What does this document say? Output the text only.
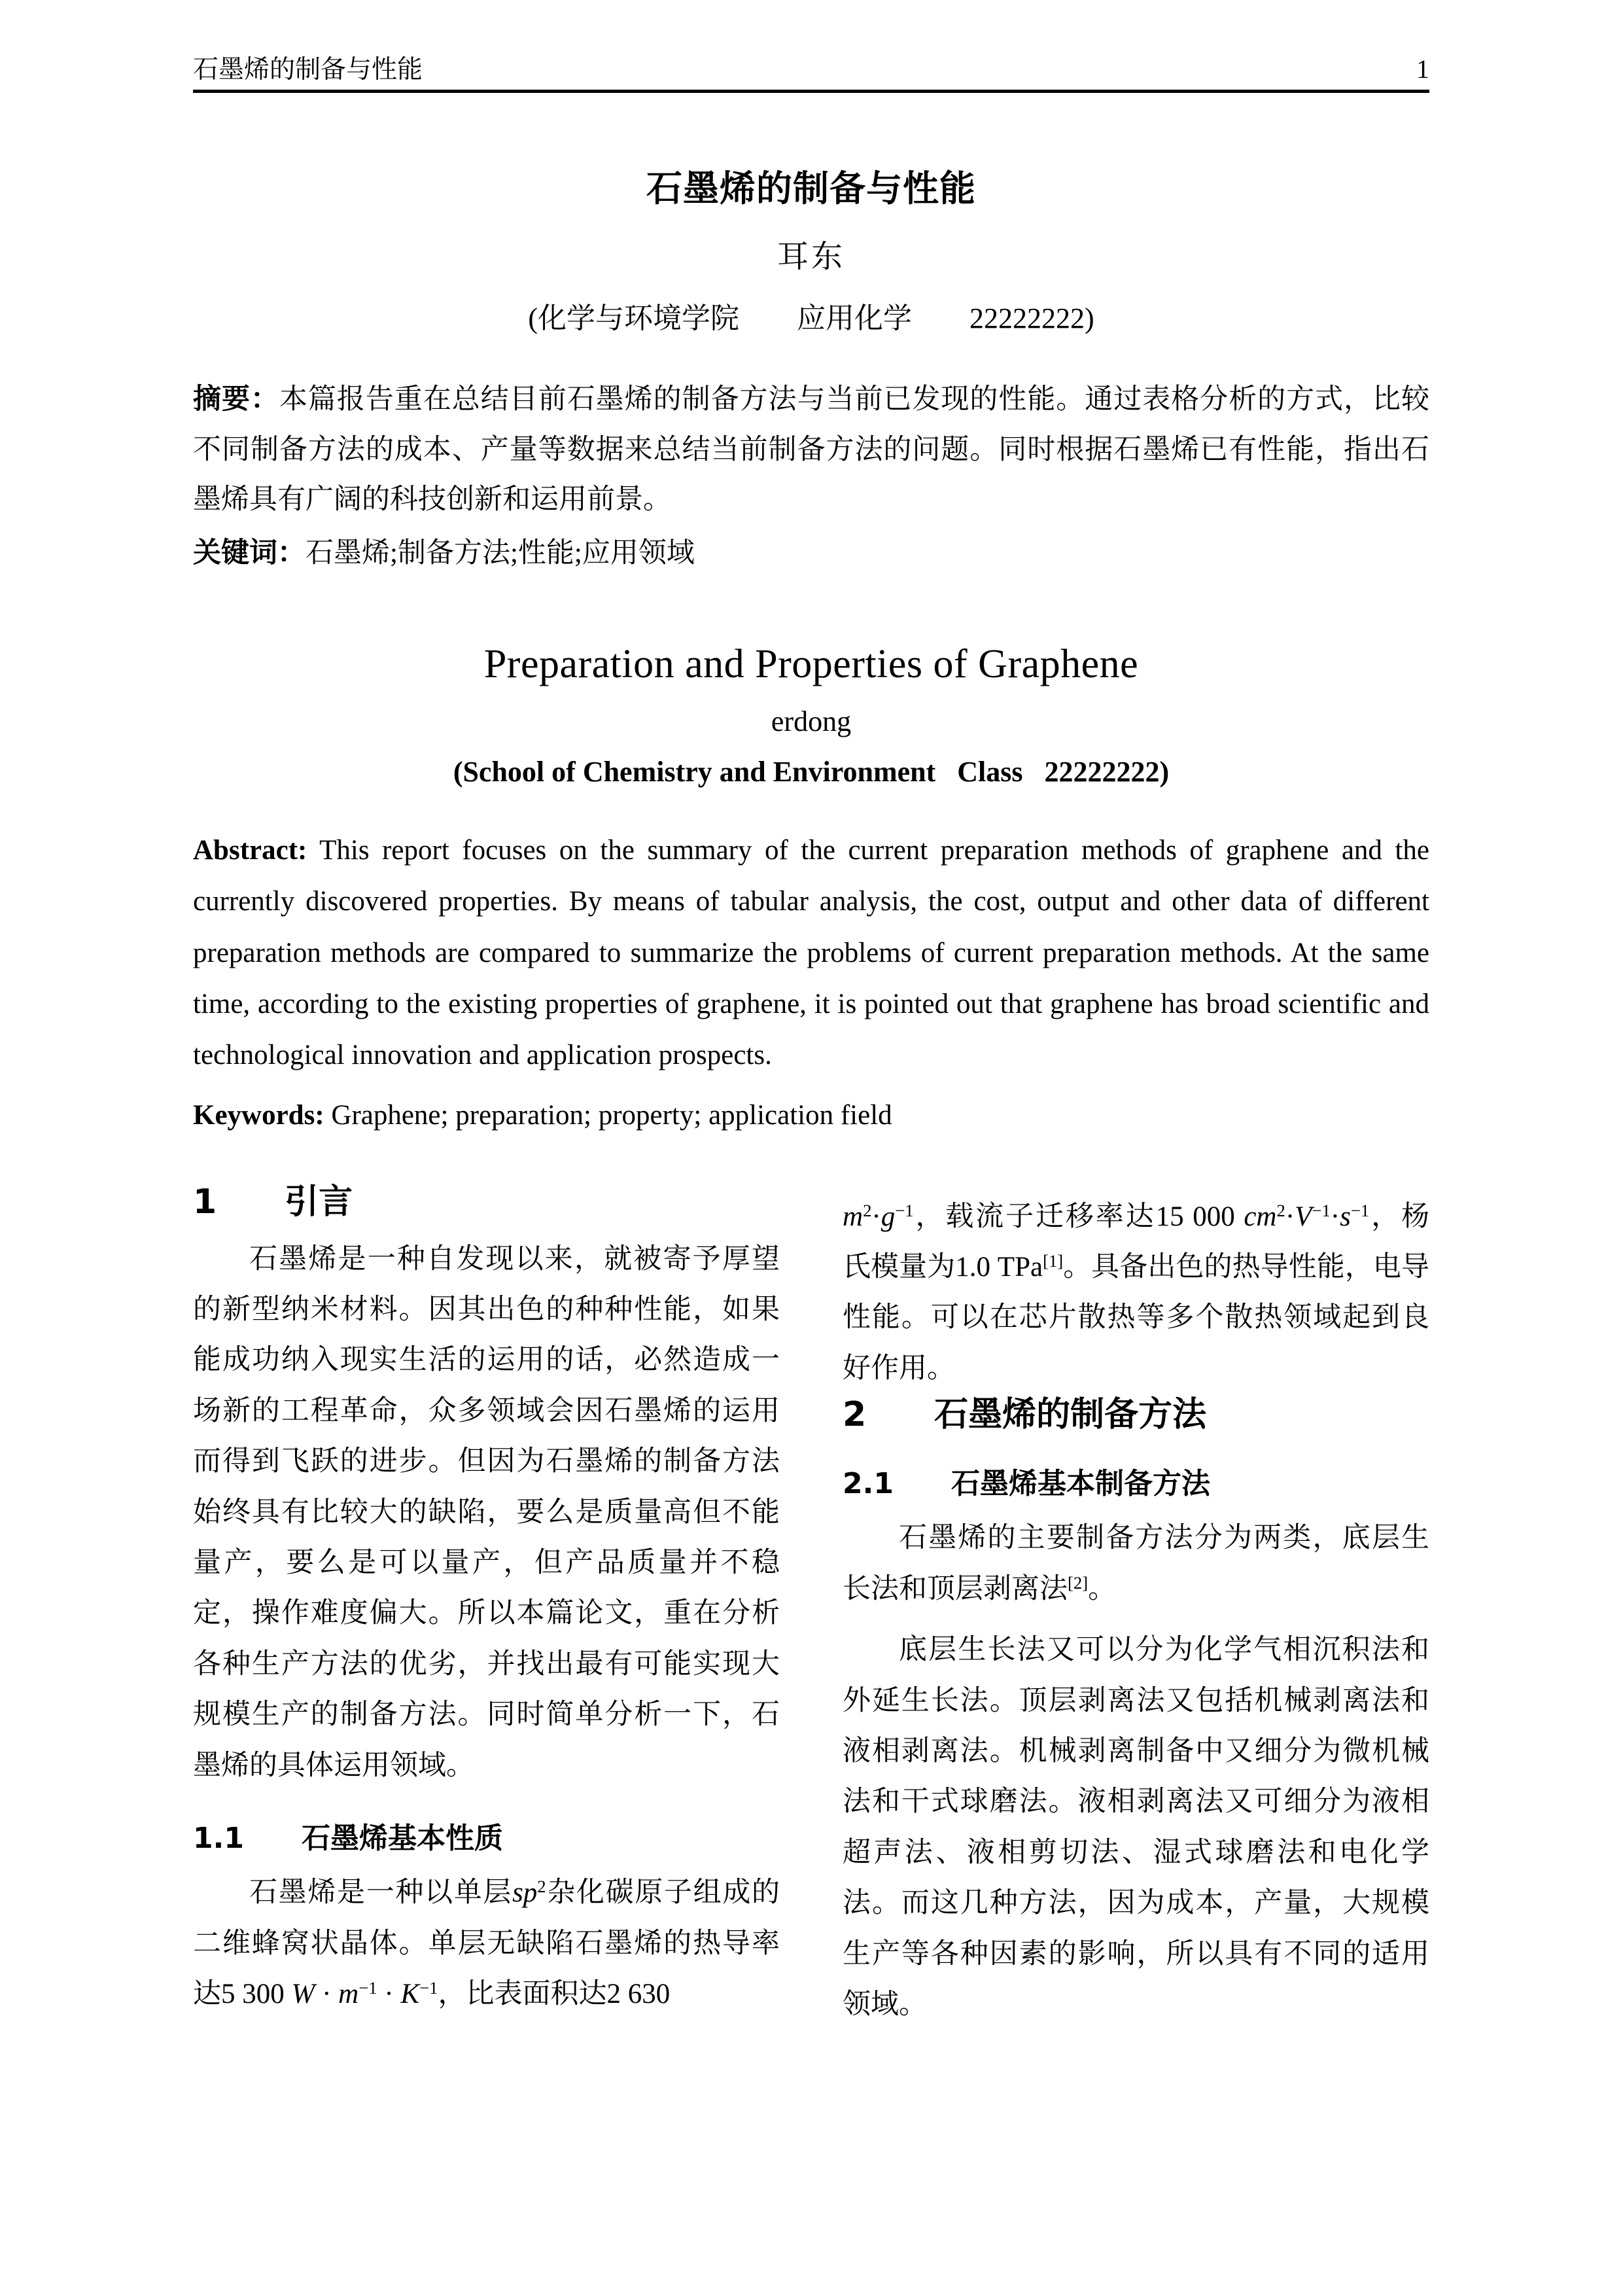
石墨烯的制备与性能	1
石墨烯的制备与性能
耳东
(化学与环境学院　　应用化学　　22222222)
摘要：本篇报告重在总结目前石墨烯的制备方法与当前已发现的性能。通过表格分析的方式，比较不同制备方法的成本、产量等数据来总结当前制备方法的问题。同时根据石墨烯已有性能，指出石墨烯具有广阔的科技创新和运用前景。
关键词：石墨烯;制备方法;性能;应用领域
Preparation and Properties of Graphene
erdong
(School of Chemistry and Environment   Class   22222222)
Abstract: This report focuses on the summary of the current preparation methods of graphene and the currently discovered properties. By means of tabular analysis, the cost, output and other data of different preparation methods are compared to summarize the problems of current preparation methods. At the same time, according to the existing properties of graphene, it is pointed out that graphene has broad scientific and technological innovation and application prospects.
Keywords: Graphene; preparation; property; application field
1　　引言

石墨烯是一种自发现以来，就被寄予厚望的新型纳米材料。因其出色的种种性能，如果能成功纳入现实生活的运用的话，必然造成一场新的工程革命，众多领域会因石墨烯的运用而得到飞跃的进步。但因为石墨烯的制备方法始终具有比较大的缺陷，要么是质量高但不能量产，要么是可以量产，但产品质量并不稳定，操作难度偏大。所以本篇论文，重在分析各种生产方法的优劣，并找出最有可能实现大规模生产的制备方法。同时简单分析一下，石墨烯的具体运用领域。

1.1　　石墨烯基本性质

石墨烯是一种以单层$sp^2$杂化碳原子组成的二维蜂窝状晶体。单层无缺陷石墨烯的热导率达5 300 $W \cdot m^{-1} \cdot K^{-1}$，比表面积达2 630

$m^2\cdot g^{-1}$，载流子迁移率达15 000 $cm^2\cdot V^{-1}\cdot s^{-1}$，杨氏模量为1.0 TPa[1]。具备出色的热导性能，电导性能。可以在芯片散热等多个散热领域起到良好作用。

2　　石墨烯的制备方法
2.1　　石墨烯基本制备方法

石墨烯的主要制备方法分为两类，底层生长法和顶层剥离法[2]。

底层生长法又可以分为化学气相沉积法和外延生长法。顶层剥离法又包括机械剥离法和液相剥离法。机械剥离制备中又细分为微机械法和干式球磨法。液相剥离法又可细分为液相超声法、液相剪切法、湿式球磨法和电化学法。而这几种方法，因为成本，产量，大规模生产等各种因素的影响，所以具有不同的适用领域。
